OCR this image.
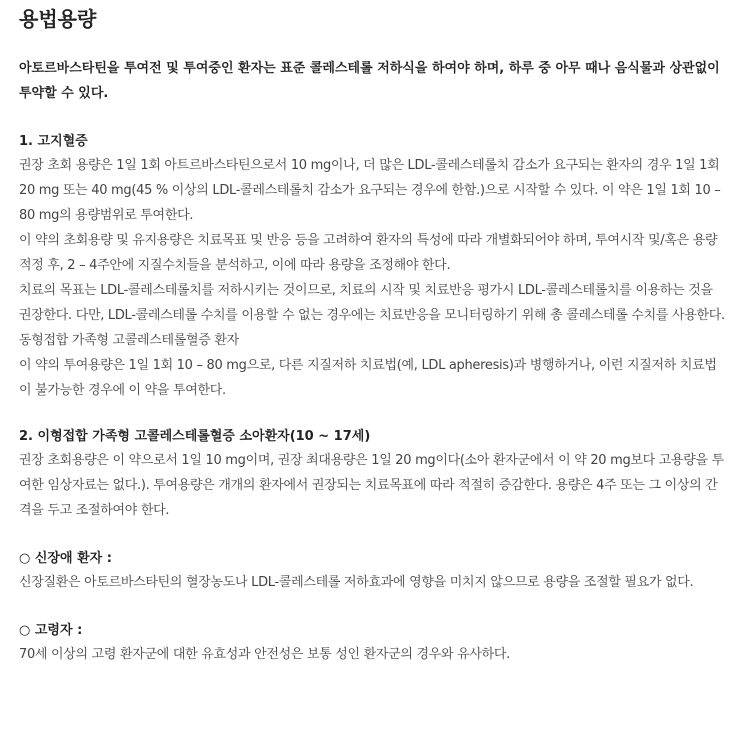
용법용량

아토르바스타틴을 투여전 및 투여중인 환자는 표준 콜레스테롤 저하식을 하여야 하며, 하루 중 아무 때나 음식물과 상관없이 투약할 수 있다.

1. 고지혈증

권장 초회 용량은 1일 1회 아트르바스타틴으로서 10 mg이나, 더 많은 LDL-콜레스테롤치 감소가 요구되는 환자의 경우 1일 1회 20 mg 또는 40 mg(45 % 이상의 LDL-콜레스테롤치 감소가 요구되는 경우에 한함.)으로 시작할 수 있다. 이 약은 1일 1회 10 – 80 mg의 용량범위로 투여한다.

이 약의 초회용량 및 유지용량은 치료목표 및 반응 등을 고려하여 환자의 특성에 따라 개별화되어야 하며, 투여시작 및/혹은 용량적정 후, 2 – 4주안에 지질수치들을 분석하고, 이에 따라 용량을 조정해야 한다.

치료의 목표는 LDL-콜레스테롤치를 저하시키는 것이므로, 치료의 시작 및 치료반응 평가시 LDL-콜레스테롤치를 이용하는 것을 권장한다. 다만, LDL-콜레스테롤 수치를 이용할 수 없는 경우에는 치료반응을 모니터링하기 위해 총 콜레스테롤 수치를 사용한다.

동형접합 가족형 고콜레스테롤혈증 환자

이 약의 투여용량은 1일 1회 10 – 80 mg으로, 다른 지질저하 치료법(예, LDL apheresis)과 병행하거나, 이런 지질저하 치료법이 불가능한 경우에 이 약을 투여한다.

2. 이형접합 가족형 고콜레스테롤혈증 소아환자(10 ~ 17세)

권장 초회용량은 이 약으로서 1일 10 mg이며, 권장 최대용량은 1일 20 mg이다(소아 환자군에서 이 약 20 mg보다 고용량을 투여한 임상자료는 없다.). 투여용량은 개개의 환자에서 권장되는 치료목표에 따라 적절히 증감한다. 용량은 4주 또는 그 이상의 간격을 두고 조절하여야 한다.

○ 신장애 환자 :

신장질환은 아토르바스타틴의 혈장농도나 LDL-콜레스테롤 저하효과에 영향을 미치지 않으므로 용량을 조절할 필요가 없다.

○ 고령자 :

70세 이상의 고령 환자군에 대한 유효성과 안전성은 보통 성인 환자군의 경우와 유사하다.
